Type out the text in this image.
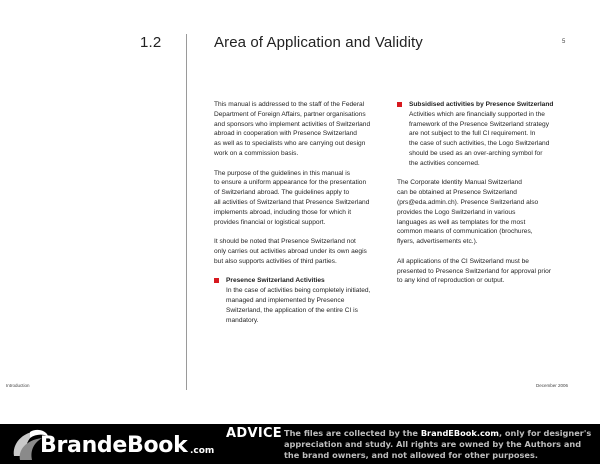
1.2	Area of Application and Validity	5

This manual is addressed to the staff of the Federal
Department of Foreign Affairs, partner organisations
and sponsors who implement activities of Switzerland
abroad in cooperation with Presence Switzerland
as well as to specialists who are carrying out design
work on a commission basis.

The purpose of the guidelines in this manual is
to ensure a uniform appearance for the presentation
of Switzerland abroad. The guidelines apply to
all activities of Switzerland that Presence Switzerland
implements abroad, including those for which it
provides financial or logistical support.

It should be noted that Presence Switzerland not
only carries out activities abroad under its own aegis
but also supports activities of third parties.

Presence Switzerland Activities
In the case of activities being completely initiated,
managed and implemented by Presence
Switzerland, the application of the entire CI is
mandatory.
Subsidised activities by Presence Switzerland
Activities which are financially supported in the
framework of the Presence Switzerland strategy
are not subject to the full CI requirement. In
the case of such activities, the Logo Switzerland
should be used as an over-arching symbol for
the activities concerned.

The Corporate Identity Manual Switzerland
can be obtained at Presence Switzerland
(prs@eda.admin.ch). Presence Switzerland also
provides the Logo Switzerland in various
languages as well as templates for the most
common means of communication (brochures,
flyers, advertisements etc.).

All applications of the CI Switzerland must be
presented to Presence Switzerland for approval prior
to any kind of reproduction or output.

Introduction	December 2006
BrandeBook .com
ADVICE The files are collected by the BrandEBook.com, only for designer's appreciation and study. All rights are owned by the Authors and the brand owners, and not allowed for other purposes.
